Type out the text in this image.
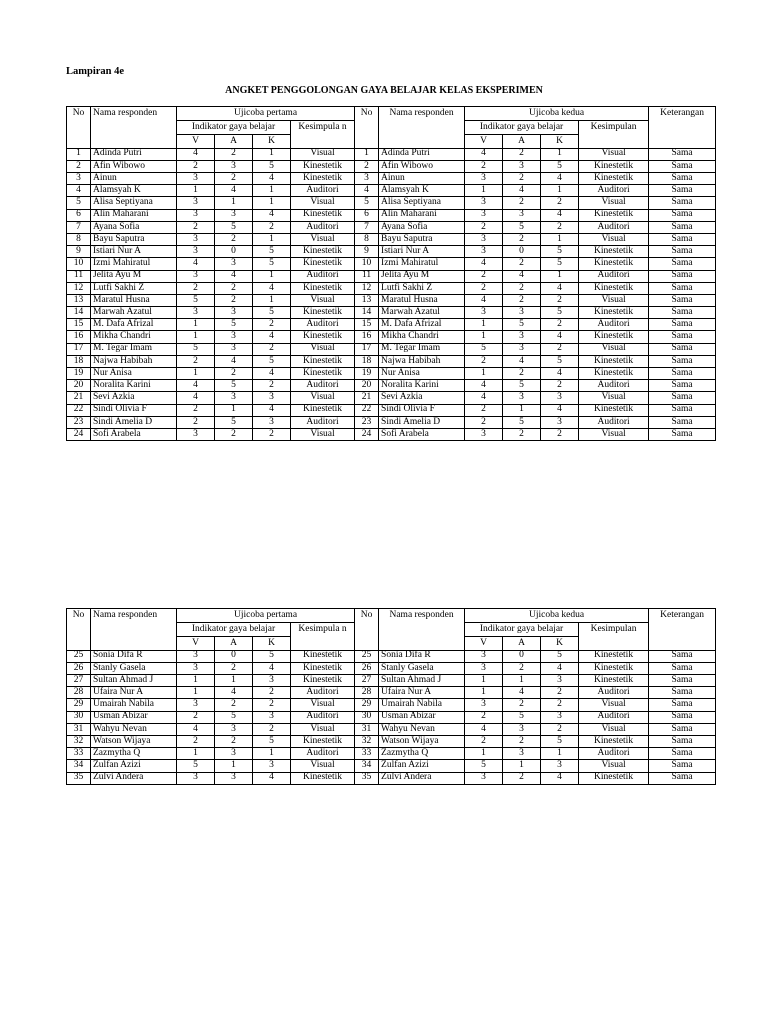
Lampiran 4e
ANGKET PENGGOLONGAN GAYA BELAJAR KELAS EKSPERIMEN
No	Nama responden	Ujicoba pertama				No	Nama responden	Ujicoba kedua				Keterangan
		Indikator gaya belajar			Kesimpula n			Indikator gaya belajar			Kesimpulan	
		V	A	K				V	A	K		
1	Adinda Putri	4	2	1	Visual	1	Adinda Putri	4	2	1	Visual	Sama
2	Afin Wibowo	2	3	5	Kinestetik	2	Afin Wibowo	2	3	5	Kinestetik	Sama
3	Ainun	3	2	4	Kinestetik	3	Ainun	3	2	4	Kinestetik	Sama
4	Alamsyah K	1	4	1	Auditori	4	Alamsyah K	1	4	1	Auditori	Sama
5	Alisa Septiyana	3	1	1	Visual	5	Alisa Septiyana	3	2	2	Visual	Sama
6	Alin Maharani	3	3	4	Kinestetik	6	Alin Maharani	3	3	4	Kinestetik	Sama
7	Ayana Sofia	2	5	2	Auditori	7	Ayana Sofia	2	5	2	Auditori	Sama
8	Bayu Saputra	3	2	1	Visual	8	Bayu Saputra	3	2	1	Visual	Sama
9	Istiari Nur A	3	0	5	Kinestetik	9	Istiari Nur A	3	0	5	Kinestetik	Sama
10	Izmi Mahiratul	4	3	5	Kinestetik	10	Izmi Mahiratul	4	2	5	Kinestetik	Sama
11	Jelita Ayu M	3	4	1	Auditori	11	Jelita Ayu M	2	4	1	Auditori	Sama
12	Lutfi Sakhi Z	2	2	4	Kinestetik	12	Lutfi Sakhi Z	2	2	4	Kinestetik	Sama
13	Maratul Husna	5	2	1	Visual	13	Maratul Husna	4	2	2	Visual	Sama
14	Marwah Azatul	3	3	5	Kinestetik	14	Marwah Azatul	3	3	5	Kinestetik	Sama
15	M. Dafa Afrizal	1	5	2	Auditori	15	M. Dafa Afrizal	1	5	2	Auditori	Sama
16	Mikha Chandri	1	3	4	Kinestetik	16	Mikha Chandri	1	3	4	Kinestetik	Sama
17	M. Tegar Imam	5	3	2	Visual	17	M. Tegar Imam	5	3	2	Visual	Sama
18	Najwa Habibah	2	4	5	Kinestetik	18	Najwa Habibah	2	4	5	Kinestetik	Sama
19	Nur Anisa	1	2	4	Kinestetik	19	Nur Anisa	1	2	4	Kinestetik	Sama
20	Noralita Karini	4	5	2	Auditori	20	Noralita Karini	4	5	2	Auditori	Sama
21	Sevi Azkia	4	3	3	Visual	21	Sevi Azkia	4	3	3	Visual	Sama
22	Sindi Olivia F	2	1	4	Kinestetik	22	Sindi Olivia F	2	1	4	Kinestetik	Sama
23	Sindi Amelia D	2	5	3	Auditori	23	Sindi Amelia D	2	5	3	Auditori	Sama
24	Sofi Arabela	3	2	2	Visual	24	Sofi Arabela	3	2	2	Visual	Sama
No	Nama responden	Ujicoba pertama				No	Nama responden	Ujicoba kedua				Keterangan
		Indikator gaya belajar			Kesimpula n			Indikator gaya belajar			Kesimpulan	
		V	A	K				V	A	K		
25	Sonia Difa R	3	0	5	Kinestetik	25	Sonia Difa R	3	0	5	Kinestetik	Sama
26	Stanly Gasela	3	2	4	Kinestetik	26	Stanly Gasela	3	2	4	Kinestetik	Sama
27	Sultan Ahmad J	1	1	3	Kinestetik	27	Sultan Ahmad J	1	1	3	Kinestetik	Sama
28	Ufaira Nur A	1	4	2	Auditori	28	Ufaira Nur A	1	4	2	Auditori	Sama
29	Umairah Nabila	3	2	2	Visual	29	Umairah Nabila	3	2	2	Visual	Sama
30	Usman Abizar	2	5	3	Auditori	30	Usman Abizar	2	5	3	Auditori	Sama
31	Wahyu Nevan	4	3	2	Visual	31	Wahyu Nevan	4	3	2	Visual	Sama
32	Watson Wijaya	2	2	5	Kinestetik	32	Watson Wijaya	2	2	5	Kinestetik	Sama
33	Zazmytha Q	1	3	1	Auditori	33	Zazmytha Q	1	3	1	Auditori	Sama
34	Zulfan Azizi	5	1	3	Visual	34	Zulfan Azizi	5	1	3	Visual	Sama
35	Zulvi Andera	3	3	4	Kinestetik	35	Zulvi Andera	3	2	4	Kinestetik	Sama
